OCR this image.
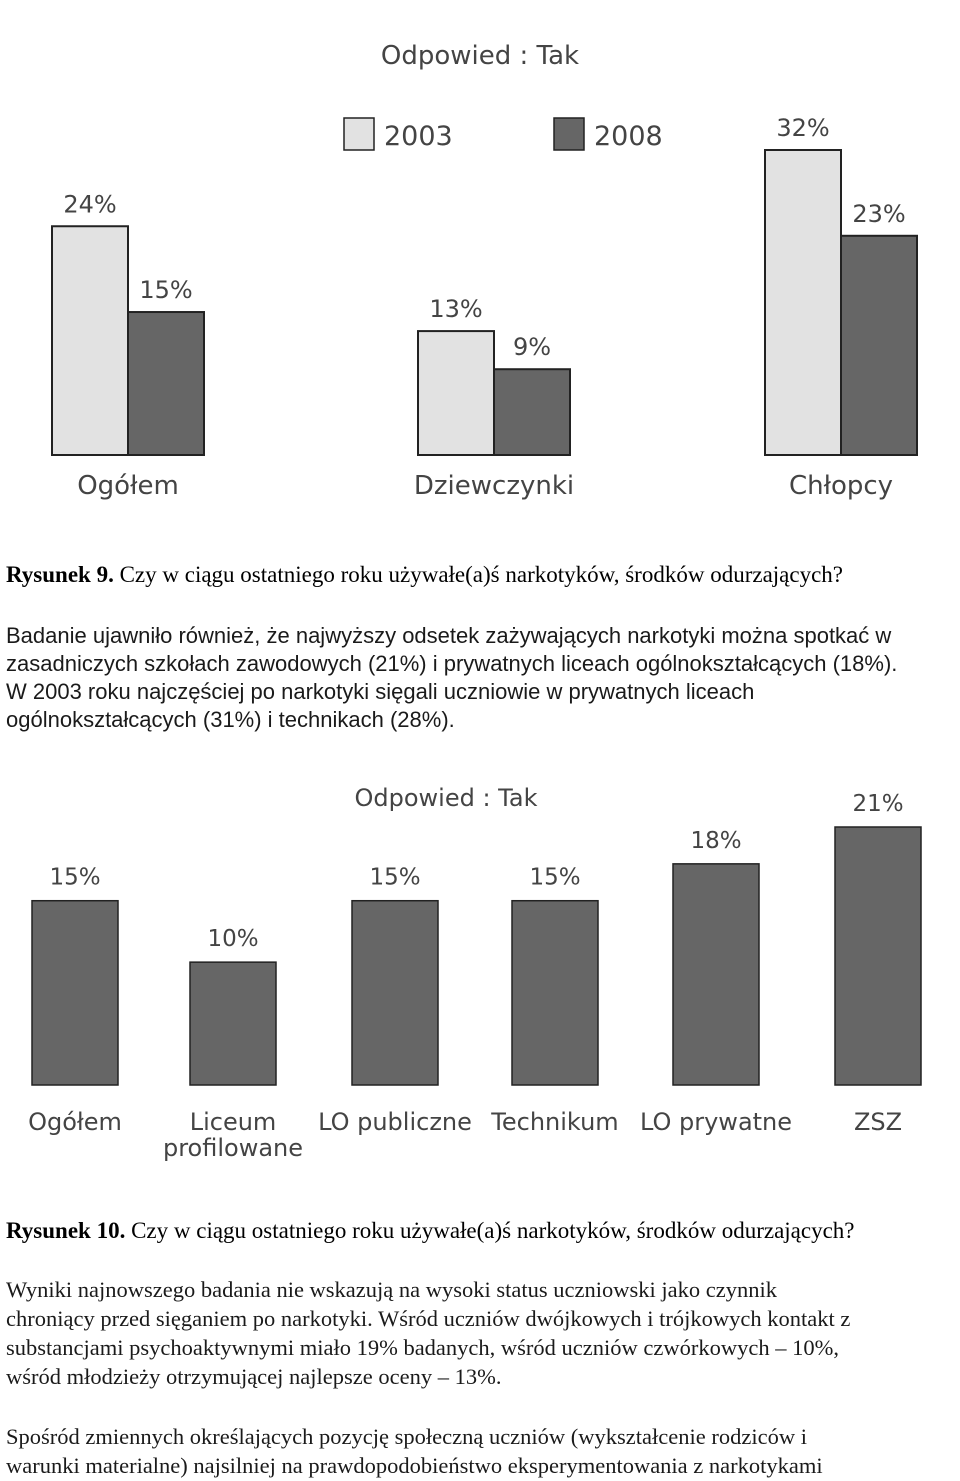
Odpowied : Tak
2003	2008
24%
15%
Ogółem
13%
9%
Dziewczynki
32%
23%
Chłopcy
Rysunek 9. Czy w ciągu ostatniego roku używałe(a)ś narkotyków, środków odurzających?
Badanie ujawniło również, że najwyższy odsetek zażywających narkotyki można spotkać w
zasadniczych szkołach zawodowych (21%) i prywatnych liceach ogólnokształcących (18%).
W 2003 roku najczęściej po narkotyki sięgali uczniowie w prywatnych liceach
ogólnokształcących (31%) i technikach (28%).
Odpowied : Tak
15%
Ogółem
10%
Liceum profilowane
15%
LO publiczne
15%
Technikum
18%
LO prywatne
21%
ZSZ
Rysunek 10. Czy w ciągu ostatniego roku używałe(a)ś narkotyków, środków odurzających?
Wyniki najnowszego badania nie wskazują na wysoki status uczniowski jako czynnik
chroniący przed sięganiem po narkotyki. Wśród uczniów dwójkowych i trójkowych kontakt z
substancjami psychoaktywnymi miało 19% badanych, wśród uczniów czwórkowych – 10%,
wśród młodzieży otrzymującej najlepsze oceny – 13%.
Spośród zmiennych określających pozycję społeczną uczniów (wykształcenie rodziców i
warunki materialne) najsilniej na prawdopodobieństwo eksperymentowania z narkotykami
